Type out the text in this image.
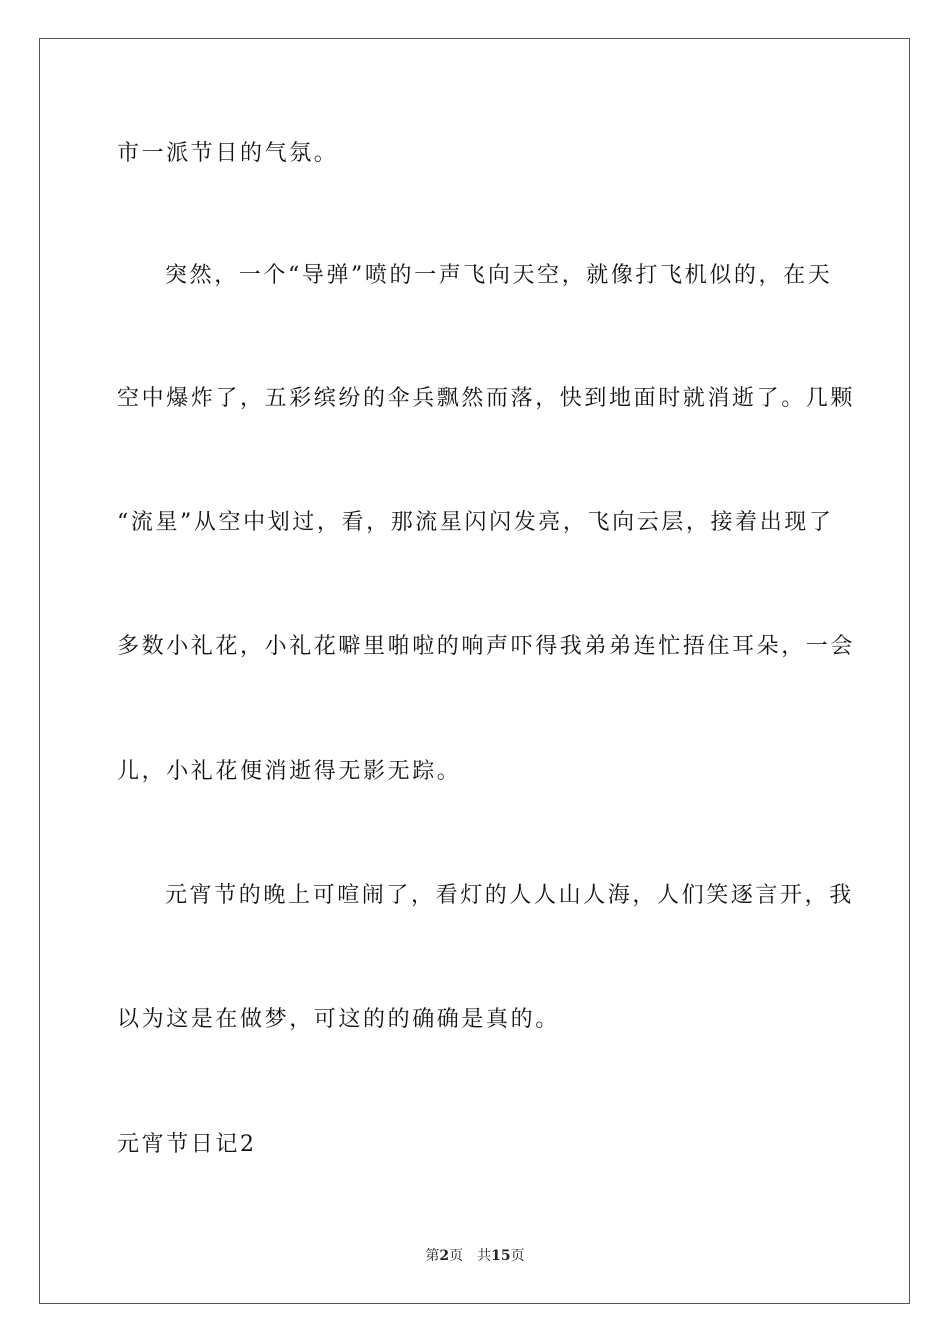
市一派节日的气氛。
突然，一个“导弹”喷的一声飞向天空，就像打飞机似的，在天
空中爆炸了，五彩缤纷的伞兵飘然而落，快到地面时就消逝了。几颗
“流星”从空中划过，看，那流星闪闪发亮，飞向云层，接着出现了
多数小礼花，小礼花噼里啪啦的响声吓得我弟弟连忙捂住耳朵，一会
儿，小礼花便消逝得无影无踪。
元宵节的晚上可喧闹了，看灯的人人山人海，人们笑逐言开，我
以为这是在做梦，可这的的确确是真的。
元宵节日记2
第2页 共15页
